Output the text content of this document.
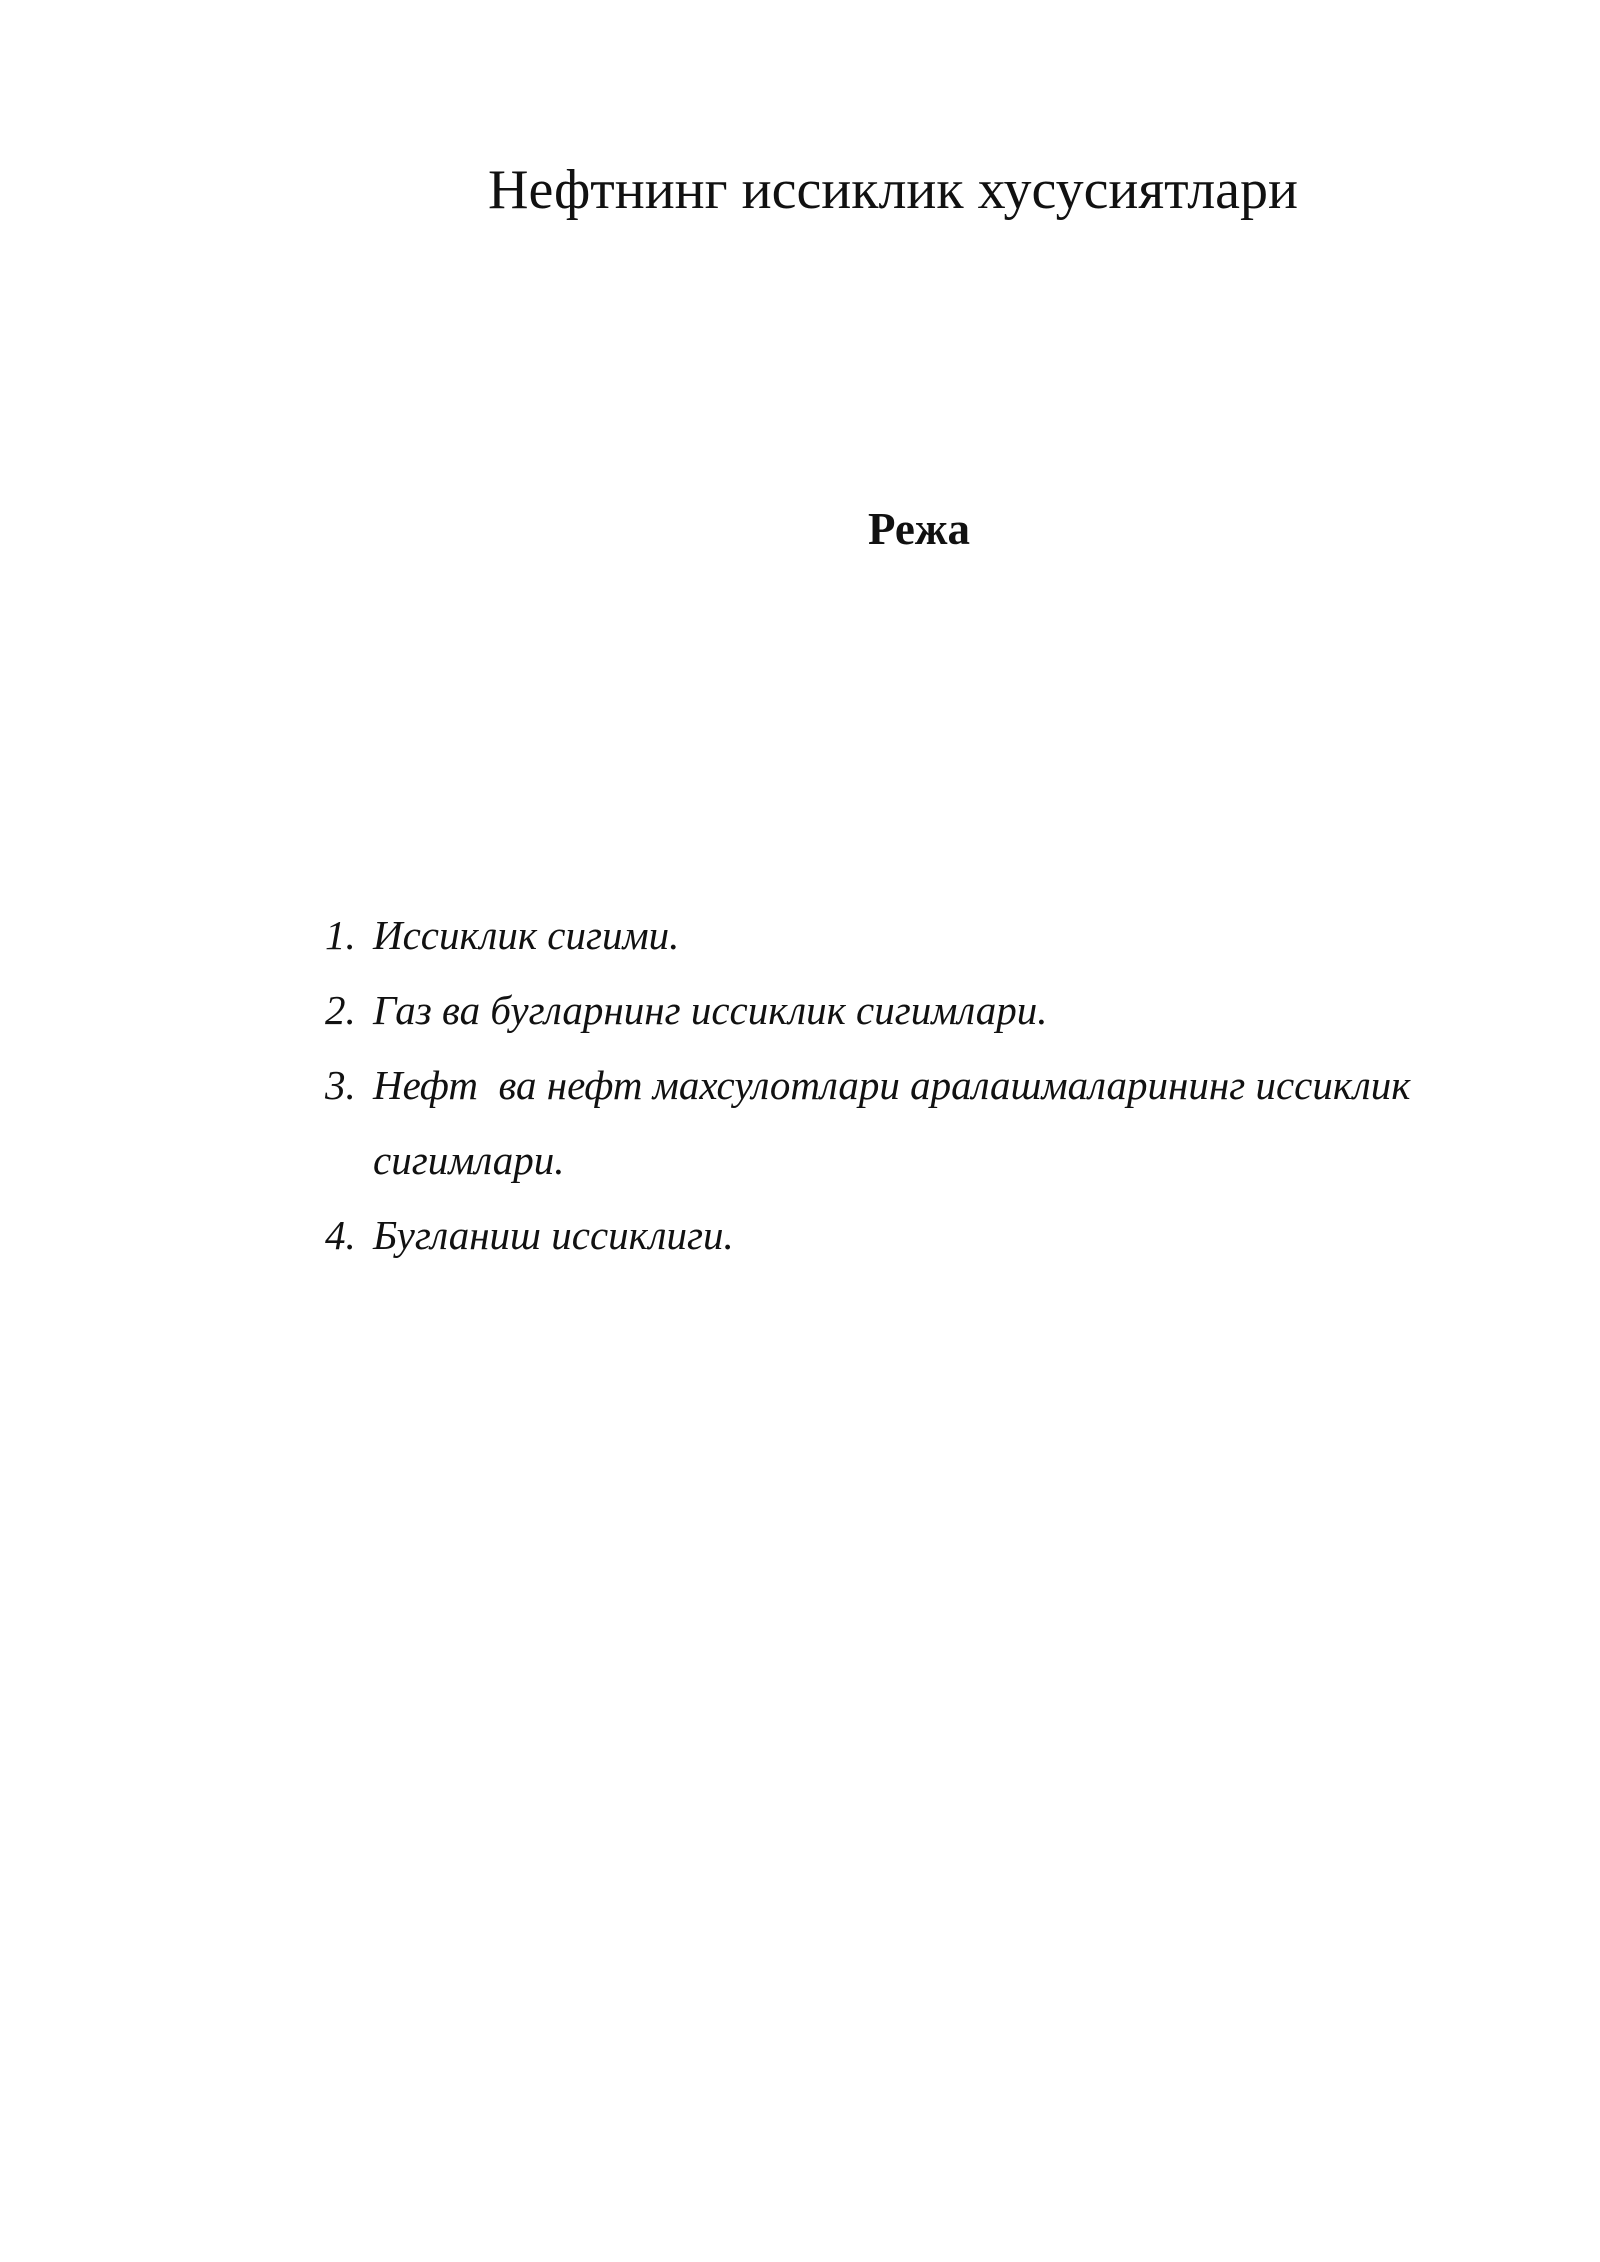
Нефтнинг иссиклик хусусиятлари
Режа
1. Иссиклик сигими.
2. Газ ва бугларнинг иссиклик сигимлари.
3. Нефт  ва нефт махсулотлари аралашмаларининг иссиклик сигимлари.
4. Бугланиш иссиклиги.
